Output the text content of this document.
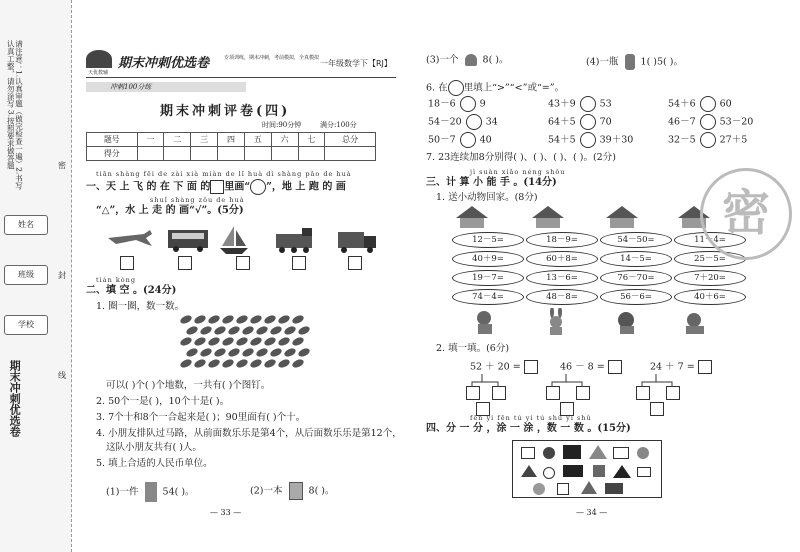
请注意：1.认真审题（做完检查一遍）2.书写认真工整，请勿涂写 3.按照要求做答题
姓名
班级
学校
期末冲刺优选卷
密
封
线
天优教辅
期末冲刺优选卷	专项训练，期末冲刺，考前模拟，全真模拟
一年级数学下【RJ】
冲刺100分练
期末冲刺评卷(四)
时间:90分钟	满分:100分
题号	一	二	三	四	五	六	七	总分
得分								
tiān shàng fēi de zài xià miàn de lǐ huà dì shàng pǎo de huà
一、天 上 飞 的 在 下 面 的 里画“ ”，地 上 跑 的 画
shuǐ shàng zǒu de huà
“△”，水 上 走 的 画“√”。(5分)
tián kòng
二、填 空 。(24分)
1. 圈一圈，数一数。
可以( )个( )个地数，一共有( )个图钉。
2. 50个一是( )，10个十是( )。
3. 7个十和8个一合起来是( )；90里面有( )个十。
4. 小朋友排队过马路，从前面数乐乐是第4个，从后面数乐乐是第12个，
这队小朋友共有( )人。
5. 填上合适的人民币单位。
(1)一件	54( )。	(2)一本	8( )。
— 33 —
(3)一个	8( )。	(4)一瓶 1( )5( )。
6. 在 里填上“>”“<”或“=”。
18－6	9	43＋9	53	54＋6	60
54－20	34	64＋5	70	46－7	53－20
50－7	40	54＋5	39＋30	32－5	27＋5
7. 23连续加8分别得( )、( )、( )、( )。(2分)
jì suàn xiǎo néng shǒu
三、计 算 小 能 手 。(14分)
1. 送小动物回家。(8分)
12－5=
40＋9=
19－7=
74－4=
18－9=
60＋8=
13－6=
48－8=
54－50=
14－5=
76－70=
56－6=
11－4=
25－5=
7＋20=
40＋6=
2. 填一填。(6分)
52 ＋ 20 =	46 － 8 =	24 ＋ 7 =
fēn yi fēn tú yi tú shǔ yi shǔ
四、分 一 分 ，涂 一 涂 ，数 一 数 。(15分)
密
— 34 —
